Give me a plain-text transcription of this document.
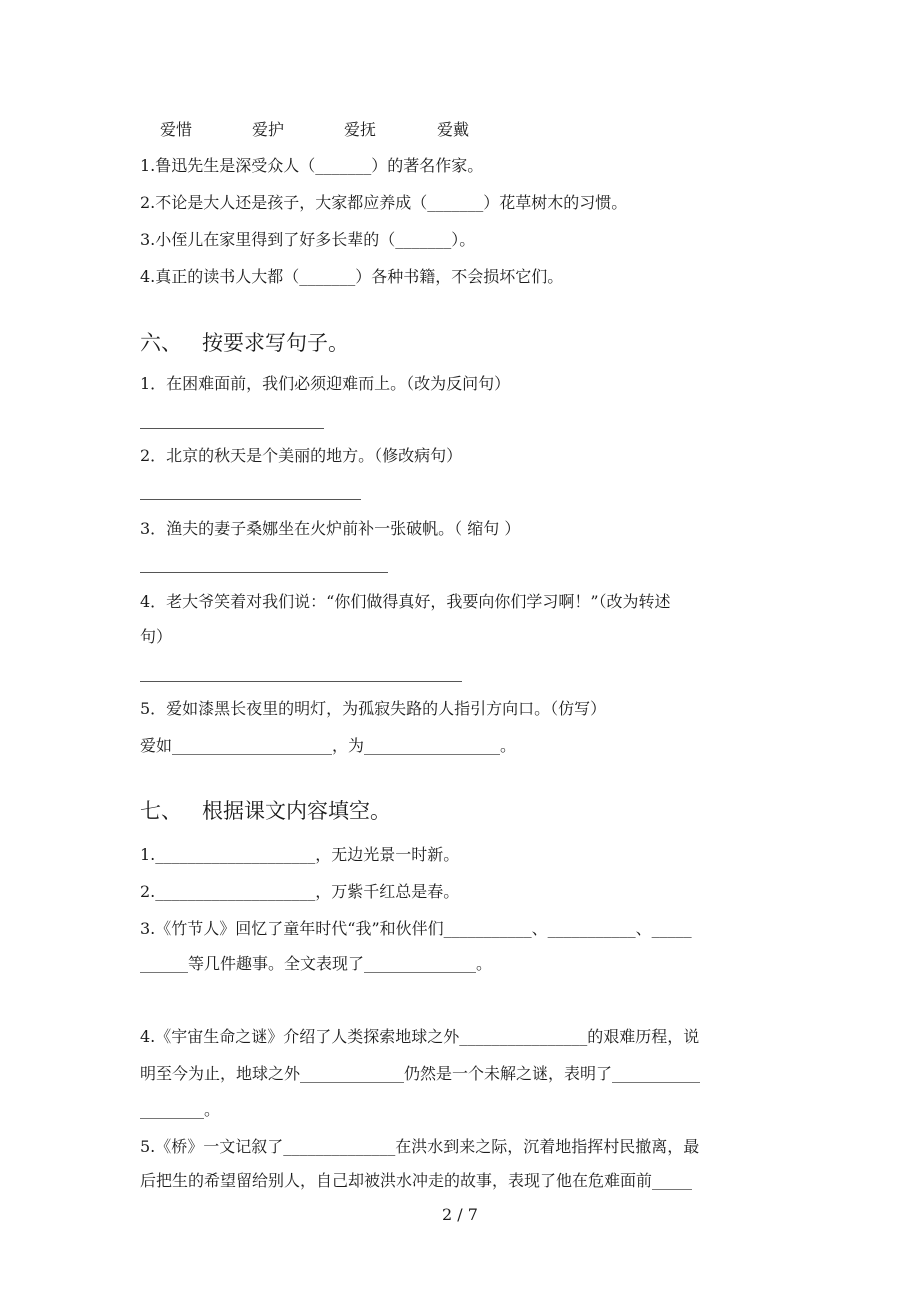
爱惜	爱护	爱抚	爱戴
1.鲁迅先生是深受众人（_______）的著名作家。
2.不论是大人还是孩子，大家都应养成（_______）花草树木的习惯。
3.小侄儿在家里得到了好多长辈的（_______）。
4.真正的读书人大都（_______）各种书籍，不会损坏它们。
六、 按要求写句子。
1．在困难面前，我们必须迎难而上。（改为反问句）
2．北京的秋天是个美丽的地方。（修改病句）
3．渔夫的妻子桑娜坐在火炉前补一张破帆。（ 缩句 ）
4．老大爷笑着对我们说：“你们做得真好，我要向你们学习啊！”（改为转述
句）
5．爱如漆黑长夜里的明灯，为孤寂失路的人指引方向口。（仿写）
爱如____________________，为_________________。
七、 根据课文内容填空。
1.____________________，无边光景一时新。
2.____________________，万紫千红总是春。
3.《竹节人》回忆了童年时代“我”和伙伴们___________、___________、_____
______等几件趣事。全文表现了______________。
4.《宇宙生命之谜》介绍了人类探索地球之外________________的艰难历程，说
明至今为止，地球之外_____________仍然是一个未解之谜，表明了___________
________。
5.《桥》一文记叙了______________在洪水到来之际，沉着地指挥村民撤离，最
后把生的希望留给别人，自己却被洪水冲走的故事，表现了他在危难面前_____
2 / 7
